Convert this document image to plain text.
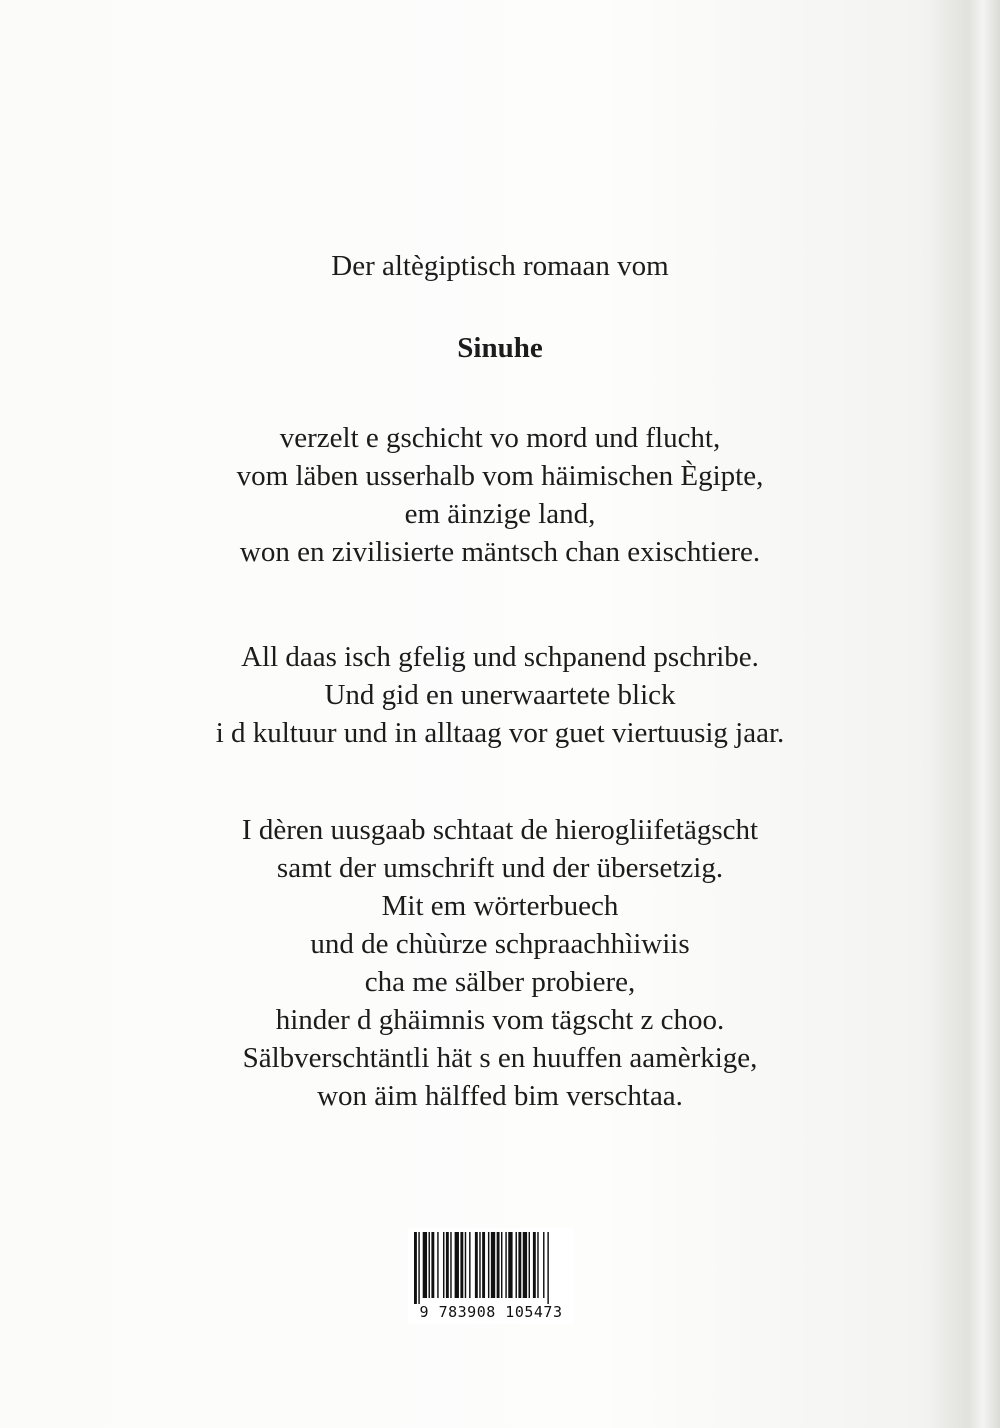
Der altègiptisch romaan vom
Sinuhe
verzelt e gschicht vo mord und flucht,
vom läben usserhalb vom häimischen Ègipte,
em äinzige land,
won en zivilisierte mäntsch chan exischtiere.
All daas isch gfelig und schpanend pschribe.
Und gid en unerwaartete blick
i d kultuur und in alltaag vor guet viertuusig jaar.
I dèren uusgaab schtaat de hierogliifetägscht
samt der umschrift und der übersetzig.
Mit em wörterbuech
und de chùùrze schpraachhìiwiis
cha me sälber probiere,
hinder d ghäimnis vom tägscht z choo.
Sälbverschtäntli hät s en huuffen aamèrkige,
won äim hälffed bim verschtaa.
9 783908 105473
